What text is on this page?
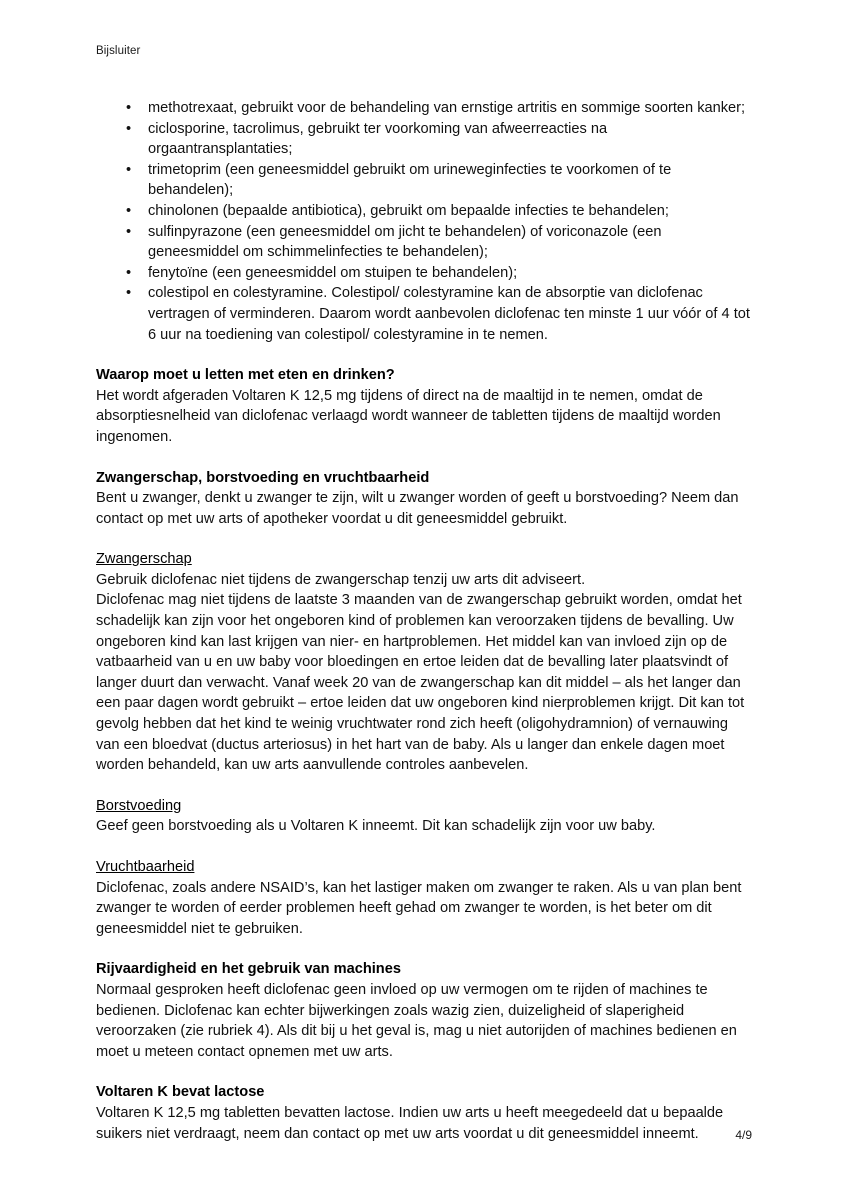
Bijsluiter
• methotrexaat, gebruikt voor de behandeling van ernstige artritis en sommige soorten kanker;
• ciclosporine, tacrolimus, gebruikt ter voorkoming van afweerreacties na orgaantransplantaties;
• trimetoprim (een geneesmiddel gebruikt om urineweginfecties te voorkomen of te behandelen);
• chinolonen (bepaalde antibiotica), gebruikt om bepaalde infecties te behandelen;
• sulfinpyrazone (een geneesmiddel om jicht te behandelen) of voriconazole (een geneesmiddel om schimmelinfecties te behandelen);
• fenytoïne (een geneesmiddel om stuipen te behandelen);
• colestipol en colestyramine. Colestipol/ colestyramine kan de absorptie van diclofenac vertragen of verminderen. Daarom wordt aanbevolen diclofenac ten minste 1 uur vóór of 4 tot 6 uur na toediening van colestipol/ colestyramine in te nemen.
Waarop moet u letten met eten en drinken?

Het wordt afgeraden Voltaren K 12,5 mg tijdens of direct na de maaltijd in te nemen, omdat de absorptiesnelheid van diclofenac verlaagd wordt wanneer de tabletten tijdens de maaltijd worden ingenomen.

Zwangerschap, borstvoeding en vruchtbaarheid

Bent u zwanger, denkt u zwanger te zijn, wilt u zwanger worden of geeft u borstvoeding? Neem dan contact op met uw arts of apotheker voordat u dit geneesmiddel gebruikt.

Zwangerschap

Gebruik diclofenac niet tijdens de zwangerschap tenzij uw arts dit adviseert.

Diclofenac mag niet tijdens de laatste 3 maanden van de zwangerschap gebruikt worden, omdat het schadelijk kan zijn voor het ongeboren kind of problemen kan veroorzaken tijdens de bevalling. Uw ongeboren kind kan last krijgen van nier- en hartproblemen. Het middel kan van invloed zijn op de vatbaarheid van u en uw baby voor bloedingen en ertoe leiden dat de bevalling later plaatsvindt of langer duurt dan verwacht. Vanaf week 20 van de zwangerschap kan dit middel – als het langer dan een paar dagen wordt gebruikt – ertoe leiden dat uw ongeboren kind nierproblemen krijgt. Dit kan tot gevolg hebben dat het kind te weinig vruchtwater rond zich heeft (oligohydramnion) of vernauwing van een bloedvat (ductus arteriosus) in het hart van de baby. Als u langer dan enkele dagen moet worden behandeld, kan uw arts aanvullende controles aanbevelen.

Borstvoeding

Geef geen borstvoeding als u Voltaren K inneemt. Dit kan schadelijk zijn voor uw baby.

Vruchtbaarheid

Diclofenac, zoals andere NSAID’s, kan het lastiger maken om zwanger te raken. Als u van plan bent zwanger te worden of eerder problemen heeft gehad om zwanger te worden, is het beter om dit geneesmiddel niet te gebruiken.

Rijvaardigheid en het gebruik van machines

Normaal gesproken heeft diclofenac geen invloed op uw vermogen om te rijden of machines te bedienen. Diclofenac kan echter bijwerkingen zoals wazig zien, duizeligheid of slaperigheid veroorzaken (zie rubriek 4). Als dit bij u het geval is, mag u niet autorijden of machines bedienen en moet u meteen contact opnemen met uw arts.

Voltaren K bevat lactose

Voltaren K 12,5 mg tabletten bevatten lactose. Indien uw arts u heeft meegedeeld dat u bepaalde suikers niet verdraagt, neem dan contact op met uw arts voordat u dit geneesmiddel inneemt.	4/9
